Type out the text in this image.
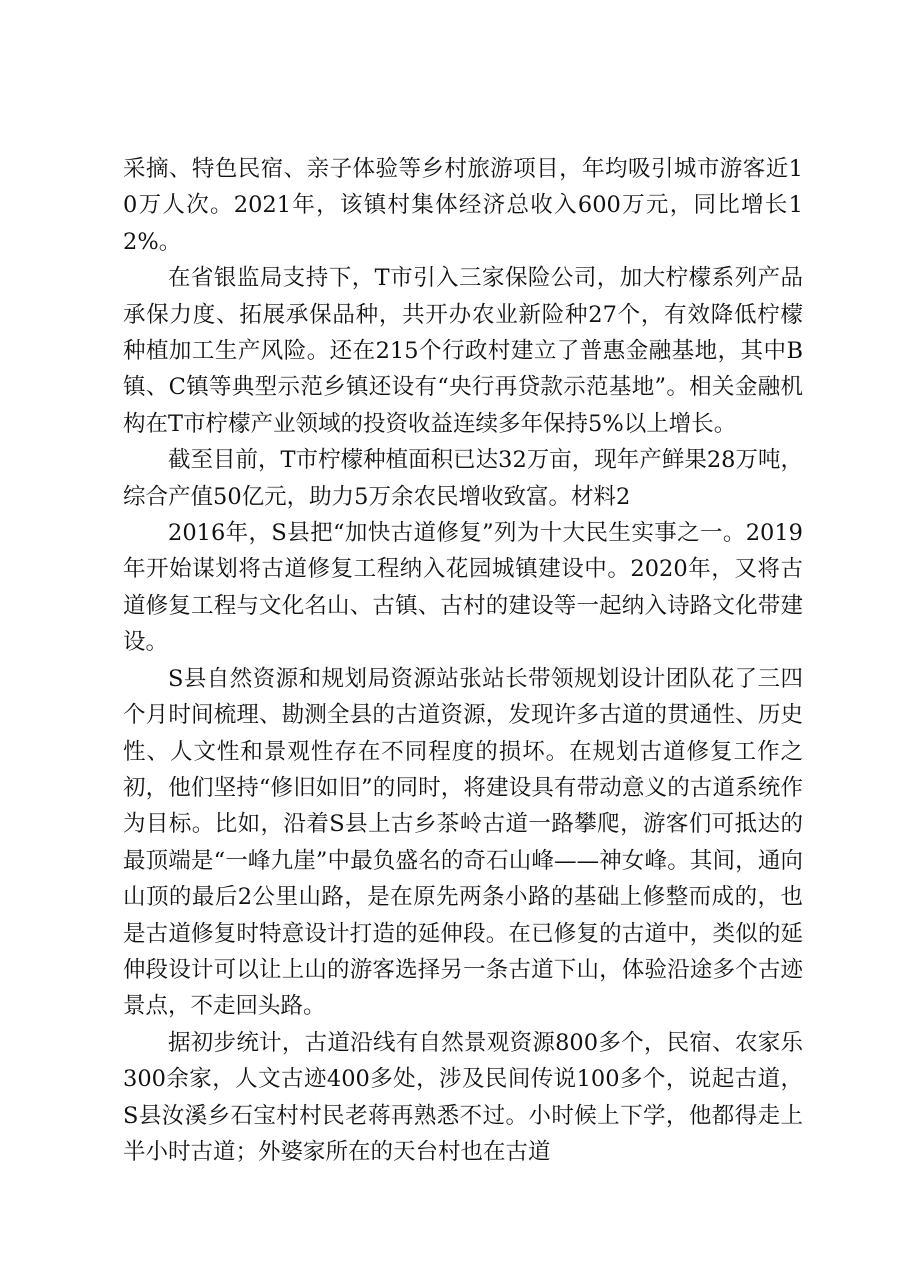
采摘、特色民宿、亲子体验等乡村旅游项目，年均吸引城市游客近10万人次。2021年，该镇村集体经济总收入600万元，同比增长12%。

在省银监局支持下，T市引入三家保险公司，加大柠檬系列产品承保力度、拓展承保品种，共开办农业新险种27个，有效降低柠檬种植加工生产风险。还在215个行政村建立了普惠金融基地，其中B镇、C镇等典型示范乡镇还设有“央行再贷款示范基地”。相关金融机构在T市柠檬产业领域的投资收益连续多年保持5%以上增长。

截至目前，T市柠檬种植面积已达32万亩，现年产鲜果28万吨，综合产值50亿元，助力5万余农民增收致富。材料2

2016年，S县把“加快古道修复”列为十大民生实事之一。2019年开始谋划将古道修复工程纳入花园城镇建设中。2020年，又将古道修复工程与文化名山、古镇、古村的建设等一起纳入诗路文化带建设。

S县自然资源和规划局资源站张站长带领规划设计团队花了三四个月时间梳理、勘测全县的古道资源，发现许多古道的贯通性、历史性、人文性和景观性存在不同程度的损坏。在规划古道修复工作之初，他们坚持“修旧如旧”的同时，将建设具有带动意义的古道系统作为目标。比如，沿着S县上古乡茶岭古道一路攀爬，游客们可抵达的最顶端是“一峰九崖”中最负盛名的奇石山峰——神女峰。其间，通向山顶的最后2公里山路，是在原先两条小路的基础上修整而成的，也是古道修复时特意设计打造的延伸段。在已修复的古道中，类似的延伸段设计可以让上山的游客选择另一条古道下山，体验沿途多个古迹景点，不走回头路。

据初步统计，古道沿线有自然景观资源800多个，民宿、农家乐300余家，人文古迹400多处，涉及民间传说100多个，说起古道，S县汝溪乡石宝村村民老蒋再熟悉不过。小时候上下学，他都得走上半小时古道；外婆家所在的天台村也在古道
